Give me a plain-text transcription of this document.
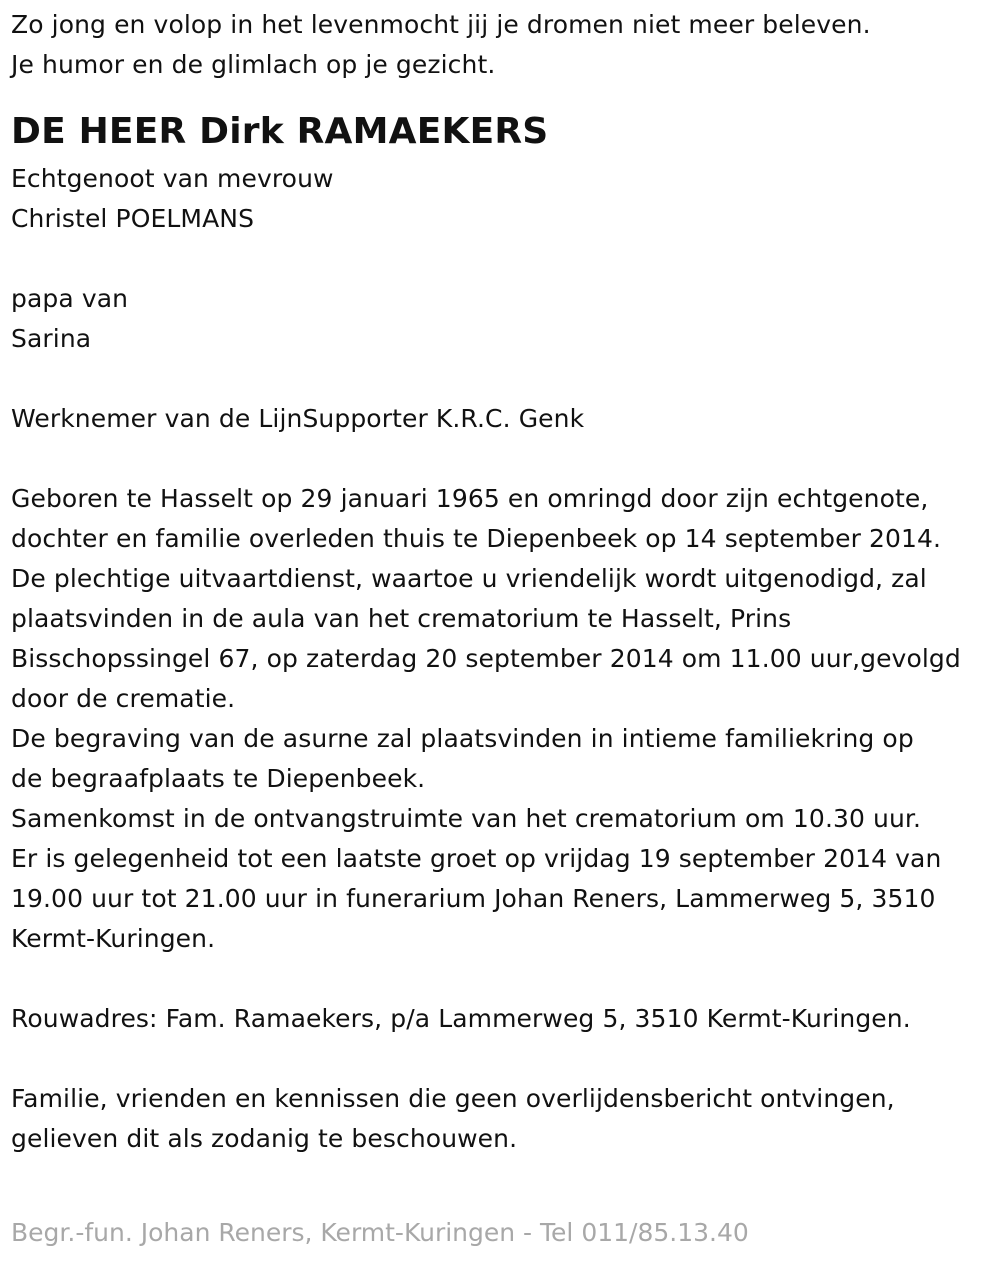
Zo jong en volop in het levenmocht jij je dromen niet meer beleven.
Je humor en de glimlach op je gezicht.
DE HEER Dirk RAMAEKERS
Echtgenoot van mevrouw
Christel POELMANS
papa van
Sarina
Werknemer van de LijnSupporter K.R.C. Genk
Geboren te Hasselt op 29 januari 1965 en omringd door zijn echtgenote,
dochter en familie overleden thuis te Diepenbeek op 14 september 2014.
De plechtige uitvaartdienst, waartoe u vriendelijk wordt uitgenodigd, zal
plaatsvinden in de aula van het crematorium te Hasselt, Prins
Bisschopssingel 67, op zaterdag 20 september 2014 om 11.00 uur,gevolgd
door de crematie.
De begraving van de asurne zal plaatsvinden in intieme familiekring op
de begraafplaats te Diepenbeek.
Samenkomst in de ontvangstruimte van het crematorium om 10.30 uur.
Er is gelegenheid tot een laatste groet op vrijdag 19 september 2014 van
19.00 uur tot 21.00 uur in funerarium Johan Reners, Lammerweg 5, 3510
Kermt-Kuringen.
Rouwadres: Fam. Ramaekers, p/a Lammerweg 5, 3510 Kermt-Kuringen.
Familie, vrienden en kennissen die geen overlijdensbericht ontvingen,
gelieven dit als zodanig te beschouwen.
Begr.-fun. Johan Reners, Kermt-Kuringen - Tel 011/85.13.40
